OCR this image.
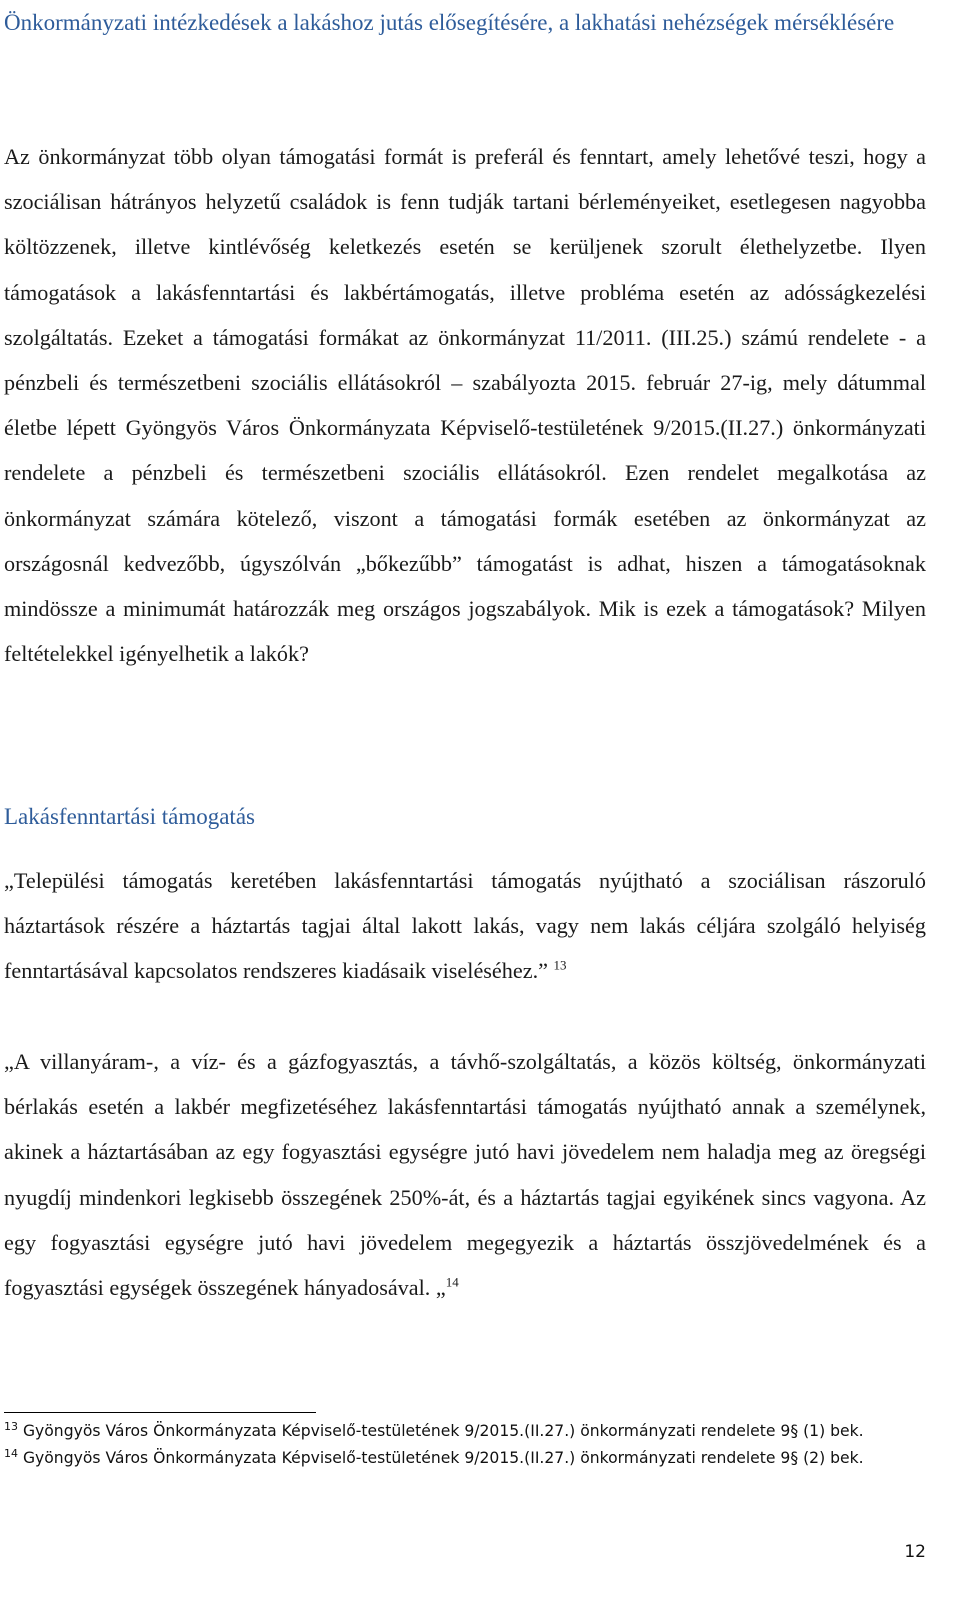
Önkormányzati intézkedések a lakáshoz jutás elősegítésére, a lakhatási nehézségek mérséklésére

Az önkormányzat több olyan támogatási formát is preferál és fenntart, amely lehetővé teszi, hogy a szociálisan hátrányos helyzetű családok is fenn tudják tartani bérleményeiket, esetlegesen nagyobba költözzenek, illetve kintlévőség keletkezés esetén se kerüljenek szorult élethelyzetbe. Ilyen támogatások a lakásfenntartási és lakbértámogatás, illetve probléma esetén az adósságkezelési szolgáltatás. Ezeket a támogatási formákat az önkormányzat 11/2011. (III.25.) számú rendelete - a pénzbeli és természetbeni szociális ellátásokról – szabályozta 2015. február 27-ig, mely dátummal életbe lépett Gyöngyös Város Önkormányzata Képviselő-testületének 9/2015.(II.27.) önkormányzati rendelete a pénzbeli és természetbeni szociális ellátásokról. Ezen rendelet megalkotása az önkormányzat számára kötelező, viszont a támogatási formák esetében az önkormányzat az országosnál kedvezőbb, úgyszólván „bőkezűbb” támogatást is adhat, hiszen a támogatásoknak mindössze a minimumát határozzák meg országos jogszabályok. Mik is ezek a támogatások? Milyen feltételekkel igényelhetik a lakók?

Lakásfenntartási támogatás

„Települési támogatás keretében lakásfenntartási támogatás nyújtható a szociálisan rászoruló háztartások részére a háztartás tagjai által lakott lakás, vagy nem lakás céljára szolgáló helyiség fenntartásával kapcsolatos rendszeres kiadásaik viseléséhez.” $^{13}$

„A villanyáram-, a víz- és a gázfogyasztás, a távhő-szolgáltatás, a közös költség, önkormányzati bérlakás esetén a lakbér megfizetéséhez lakásfenntartási támogatás nyújtható annak a személynek, akinek a háztartásában az egy fogyasztási egységre jutó havi jövedelem nem haladja meg az öregségi nyugdíj mindenkori legkisebb összegének 250%-át, és a háztartás tagjai egyikének sincs vagyona. Az egy fogyasztási egységre jutó havi jövedelem megegyezik a háztartás összjövedelmének és a fogyasztási egységek összegének hányadosával. „$^{14}$

$^{13}$ Gyöngyös Város Önkormányzata Képviselő-testületének 9/2015.(II.27.) önkormányzati rendelete 9§ (1) bek.

$^{14}$ Gyöngyös Város Önkormányzata Képviselő-testületének 9/2015.(II.27.) önkormányzati rendelete 9§ (2) bek.

12
